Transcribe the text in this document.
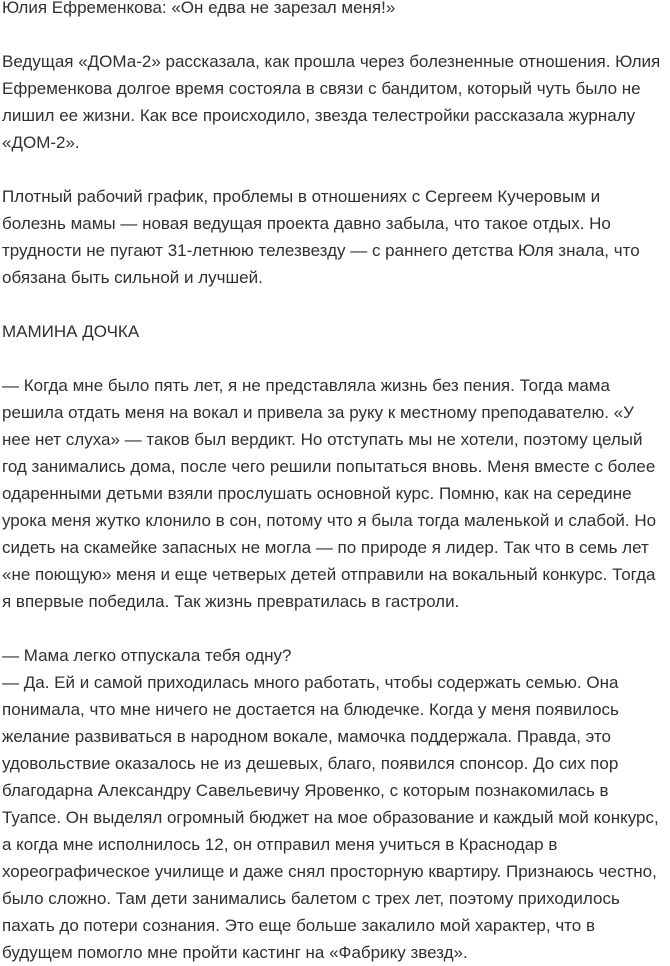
Юлия Ефременкова: «Он едва не зарезал меня!»

Ведущая «ДОМа-2» рассказала, как прошла через болезненные отношения. Юлия Ефременкова долгое время состояла в связи с бандитом, который чуть было не лишил ее жизни. Как все происходило, звезда телестройки рассказала журналу «ДОМ-2».

Плотный рабочий график, проблемы в отношениях с Сергеем Кучеровым и болезнь мамы — новая ведущая проекта давно забыла, что такое отдых. Но трудности не пугают 31-летнюю телезвезду — с раннего детства Юля знала, что обязана быть сильной и лучшей.

МАМИНА ДОЧКА

— Когда мне было пять лет, я не представляла жизнь без пения. Тогда мама решила отдать меня на вокал и привела за руку к местному преподавателю. «У нее нет слуха» — таков был вердикт. Но отступать мы не хотели, поэтому целый год занимались дома, после чего решили попытаться вновь. Меня вместе с более одаренными детьми взяли прослушать основной курс. Помню, как на середине урока меня жутко клонило в сон, потому что я была тогда маленькой и слабой. Но сидеть на скамейке запасных не могла — по природе я лидер. Так что в семь лет «не поющую» меня и еще четверых детей отправили на вокальный конкурс. Тогда я впервые победила. Так жизнь превратилась в гастроли.

— Мама легко отпускала тебя одну?

— Да. Ей и самой приходилась много работать, чтобы содержать семью. Она понимала, что мне ничего не достается на блюдечке. Когда у меня появилось желание развиваться в народном вокале, мамочка поддержала. Правда, это удовольствие оказалось не из дешевых, благо, появился спонсор. До сих пор благодарна Александру Савельевичу Яровенко, с которым познакомилась в Туапсе. Он выделял огромный бюджет на мое образование и каждый мой конкурс, а когда мне исполнилось 12, он отправил меня учиться в Краснодар в хореографическое училище и даже снял просторную квартиру. Признаюсь честно, было сложно. Там дети занимались балетом с трех лет, поэтому приходилось пахать до потери сознания. Это еще больше закалило мой характер, что в будущем помогло мне пройти кастинг на «Фабрику звезд».
